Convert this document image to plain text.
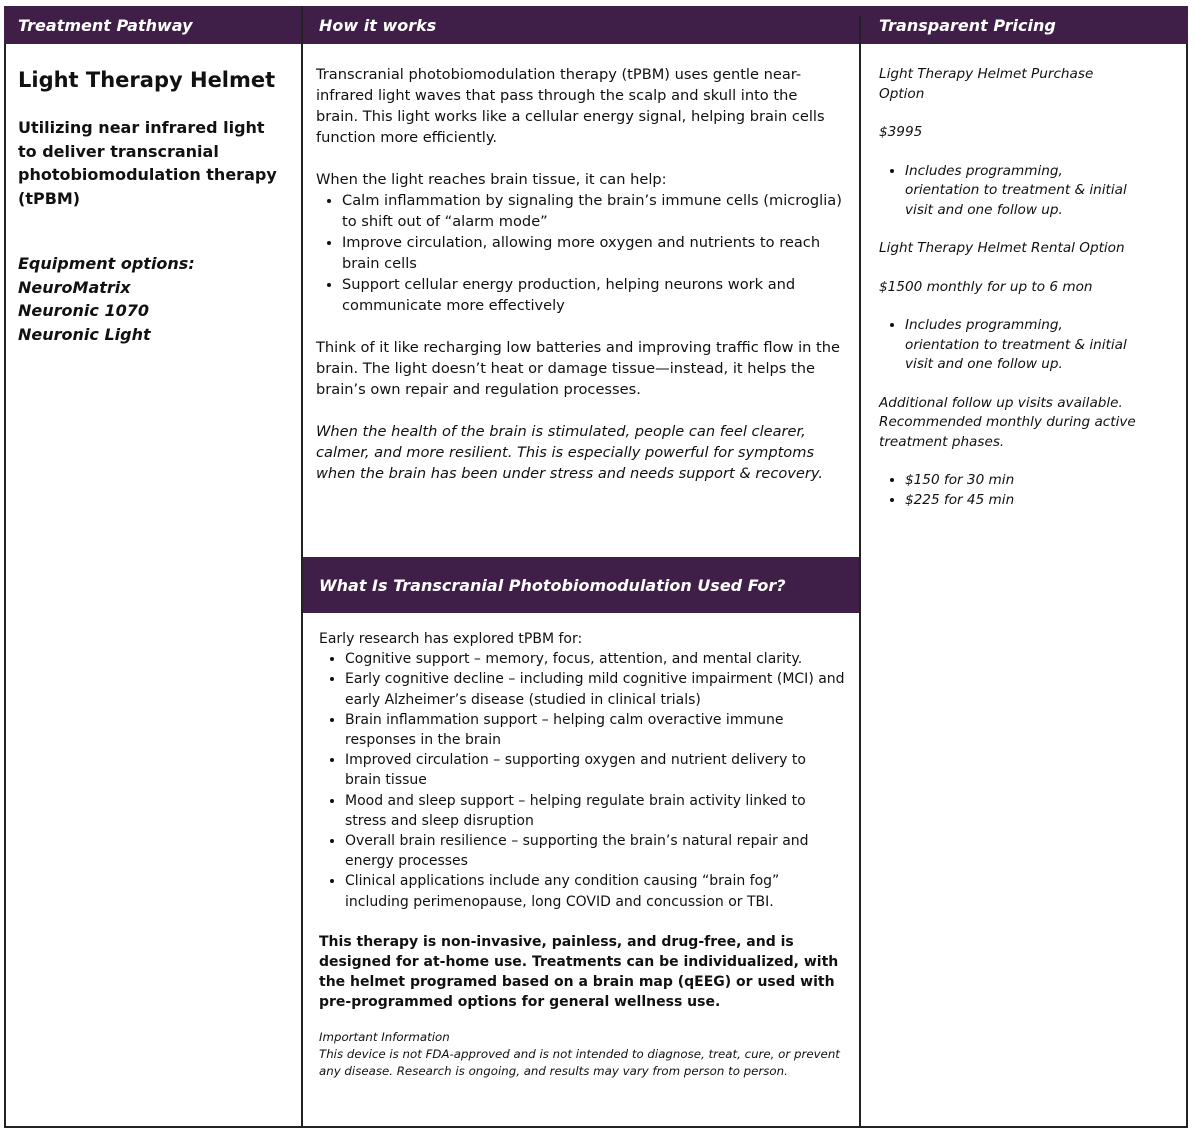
Treatment Pathway	How it works	Transparent Pricing
Light Therapy Helmet
Utilizing near infrared light to deliver transcranial photobiomodulation therapy (tPBM)
Equipment options:
NeuroMatrix
Neuronic 1070
Neuronic Light

Transcranial photobiomodulation therapy (tPBM) uses gentle near-infrared light waves that pass through the scalp and skull into the brain. This light works like a cellular energy signal, helping brain cells function more efficiently.

When the light reaches brain tissue, it can help:

• Calm inflammation by signaling the brain’s immune cells (microglia) to shift out of “alarm mode”
• Improve circulation, allowing more oxygen and nutrients to reach brain cells
• Support cellular energy production, helping neurons work and communicate more effectively

Think of it like recharging low batteries and improving traffic flow in the brain. The light doesn’t heat or damage tissue—instead, it helps the brain’s own repair and regulation processes.

When the health of the brain is stimulated, people can feel clearer, calmer, and more resilient. This is especially powerful for symptoms when the brain has been under stress and needs support & recovery.

What Is Transcranial Photobiomodulation Used For?

Early research has explored tPBM for:

• Cognitive support – memory, focus, attention, and mental clarity.
• Early cognitive decline – including mild cognitive impairment (MCI) and early Alzheimer’s disease (studied in clinical trials)
• Brain inflammation support – helping calm overactive immune responses in the brain
• Improved circulation – supporting oxygen and nutrient delivery to brain tissue
• Mood and sleep support – helping regulate brain activity linked to stress and sleep disruption
• Overall brain resilience – supporting the brain’s natural repair and energy processes
• Clinical applications include any condition causing “brain fog” including perimenopause, long COVID and concussion or TBI.

This therapy is non-invasive, painless, and drug-free, and is designed for at-home use. Treatments can be individualized, with the helmet programed based on a brain map (qEEG) or used with pre-programmed options for general wellness use.

Important Information
This device is not FDA-approved and is not intended to diagnose, treat, cure, or prevent any disease. Research is ongoing, and results may vary from person to person.

Light Therapy Helmet Purchase Option

$3995

• Includes programming, orientation to treatment & initial visit and one follow up.

Light Therapy Helmet Rental Option

$1500 monthly for up to 6 mon

• Includes programming, orientation to treatment & initial visit and one follow up.

Additional follow up visits available. Recommended monthly during active treatment phases.

• $150 for 30 min
• $225 for 45 min
